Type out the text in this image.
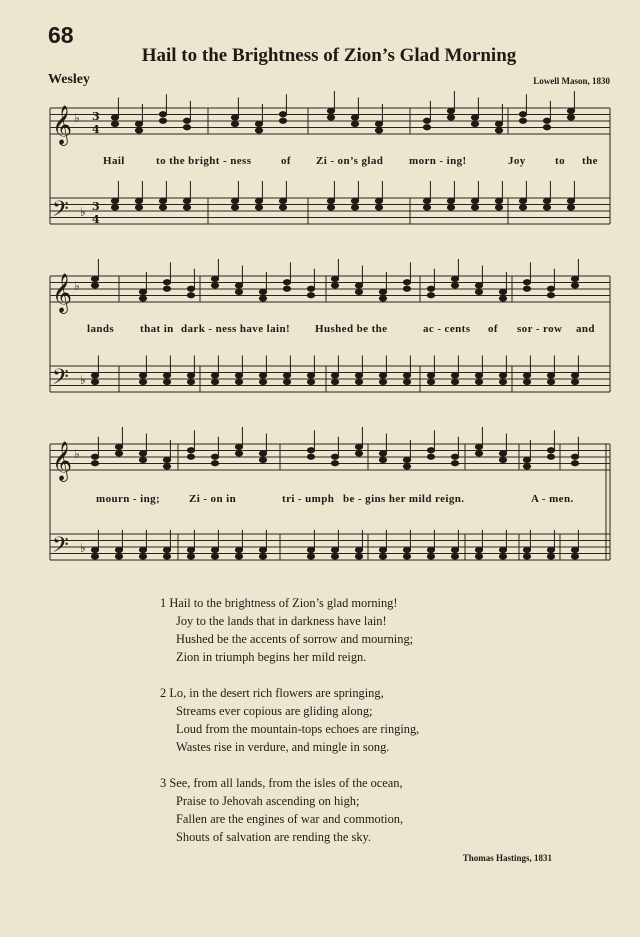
68
Hail to the Brightness of Zion’s Glad Morning
Wesley	Lowell Mason, 1830
𝄞 ♭
𝄢 ♭
3
4
3
4
𝄞 ♭
𝄢 ♭
𝄞 ♭
𝄢 ♭
Hail	to the bright - ness	of Zi - on’s glad morn - ing!	Joy	to the
lands that in dark - ness have lain! Hushed be the	ac - cents of sor - row and
mourn - ing;	Zi - on in	tri - umph be - gins her mild reign.	A - men.
1 Hail to the brightness of Zion’s glad morning!
Joy to the lands that in darkness have lain!
Hushed be the accents of sorrow and mourning;
Zion in triumph begins her mild reign.
2 Lo, in the desert rich flowers are springing,
Streams ever copious are gliding along;
Loud from the mountain-tops echoes are ringing,
Wastes rise in verdure, and mingle in song.
3 See, from all lands, from the isles of the ocean,
Praise to Jehovah ascending on high;
Fallen are the engines of war and commotion,
Shouts of salvation are rending the sky.
Thomas Hastings, 1831
